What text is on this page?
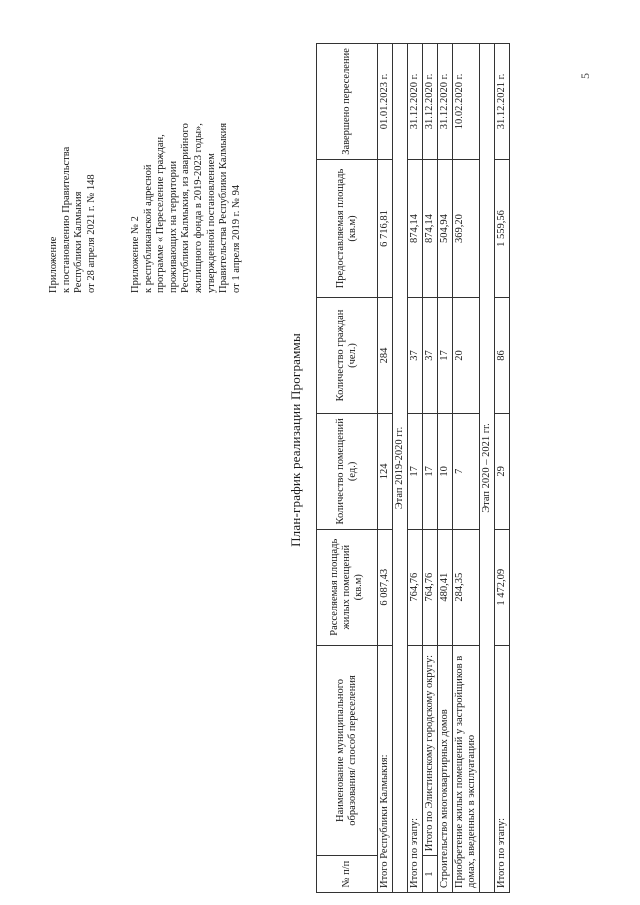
5
Приложение к постановлению Правительства Республики Калмыкия от 28 апреля 2021 г. № 148	Приложение № 2 к республиканской адресной программе « Переселение граждан, проживающих на территории Республики Калмыкия, из аварийного жилищного фонда в 2019-2023 годы», утвержденной постановлением Правительства Республики Калмыкия от 1 апреля 2019 г. № 94
План-график реализации Программы
№ п/п	Наименование муниципального образования/ способ переселения	Расселяемая площадь жилых помещений (кв.м)	Количество помещений (ед.)	Количество граждан (чел.)	Предоставляемая площадь (кв.м)	Завершено переселение
Итого Республики Калмыкия:		6 087,43	124	284	6 716,81	01.01.2023 г.
Этап 2019-2020 гг.						
Итого по этапу:		764,76	17	37	874,14	31.12.2020 г.
1	Итого по Элистинскому городскому округу:	764,76	17	37	874,14	31.12.2020 г.
Строительство многоквартирных домов		480,41	10	17	504,94	31.12.2020 г.
Приобретение жилых помещений у застройщиков в домах, введенных в эксплуатацию		284,35	7	20	369,20	10.02.2020 г.
Этап 2020 – 2021 гг.						
Итого по этапу:		1 472,09	29	86	1 559,56	31.12.2021 г.
